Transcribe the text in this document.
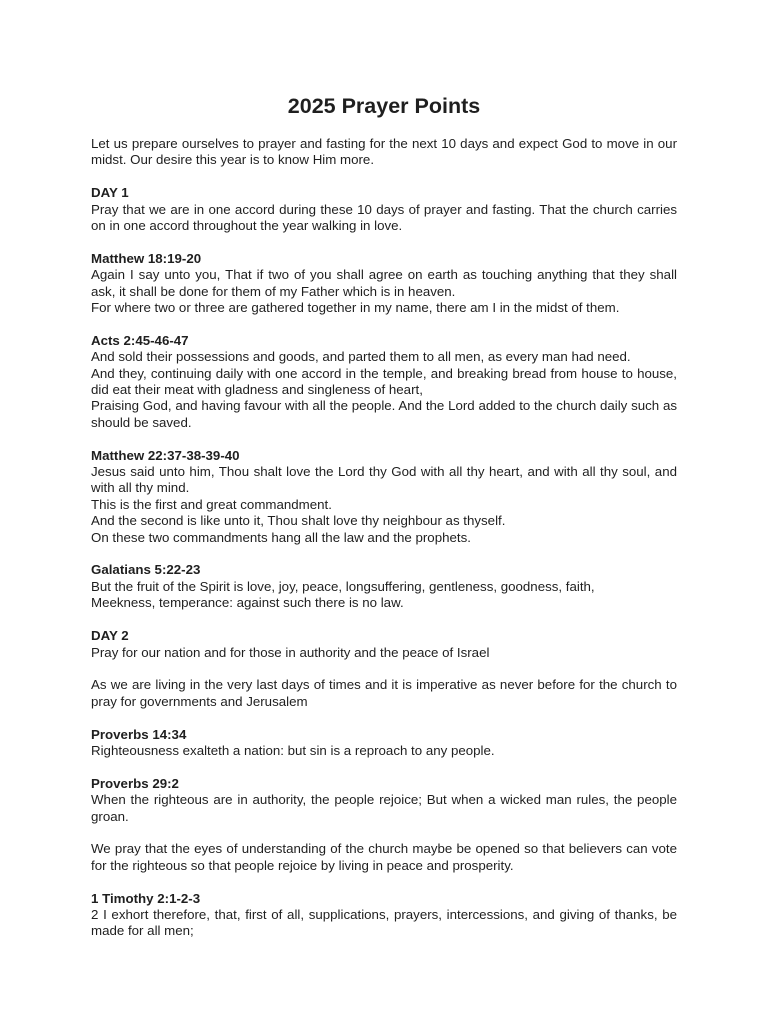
2025 Prayer Points

Let us prepare ourselves to prayer and fasting for the next 10 days and expect God to move in our midst. Our desire this year is to know Him more.

DAY 1

Pray that we are in one accord during these 10 days of prayer and fasting. That the church carries on in one accord throughout the year walking in love.

Matthew 18:19-20

Again I say unto you, That if two of you shall agree on earth as touching anything that they shall ask, it shall be done for them of my Father which is in heaven.

For where two or three are gathered together in my name, there am I in the midst of them.

Acts 2:45-46-47

And sold their possessions and goods, and parted them to all men, as every man had need.

And they, continuing daily with one accord in the temple, and breaking bread from house to house, did eat their meat with gladness and singleness of heart,

Praising God, and having favour with all the people. And the Lord added to the church daily such as should be saved.

Matthew 22:37-38-39-40

Jesus said unto him, Thou shalt love the Lord thy God with all thy heart, and with all thy soul, and with all thy mind.

This is the first and great commandment.

And the second is like unto it, Thou shalt love thy neighbour as thyself.

On these two commandments hang all the law and the prophets.

Galatians 5:22-23

But the fruit of the Spirit is love, joy, peace, longsuffering, gentleness, goodness, faith,

Meekness, temperance: against such there is no law.

DAY 2

Pray for our nation and for those in authority and the peace of Israel

As we are living in the very last days of times and it is imperative as never before for the church to pray for governments and Jerusalem

Proverbs 14:34

Righteousness exalteth a nation: but sin is a reproach to any people.

Proverbs 29:2

When the righteous are in authority, the people rejoice; But when a wicked man rules, the people groan.

We pray that the eyes of understanding of the church maybe be opened so that believers can vote for the righteous so that people rejoice by living in peace and prosperity.

1 Timothy 2:1-2-3

2 I exhort therefore, that, first of all, supplications, prayers, intercessions, and giving of thanks, be made for all men;
